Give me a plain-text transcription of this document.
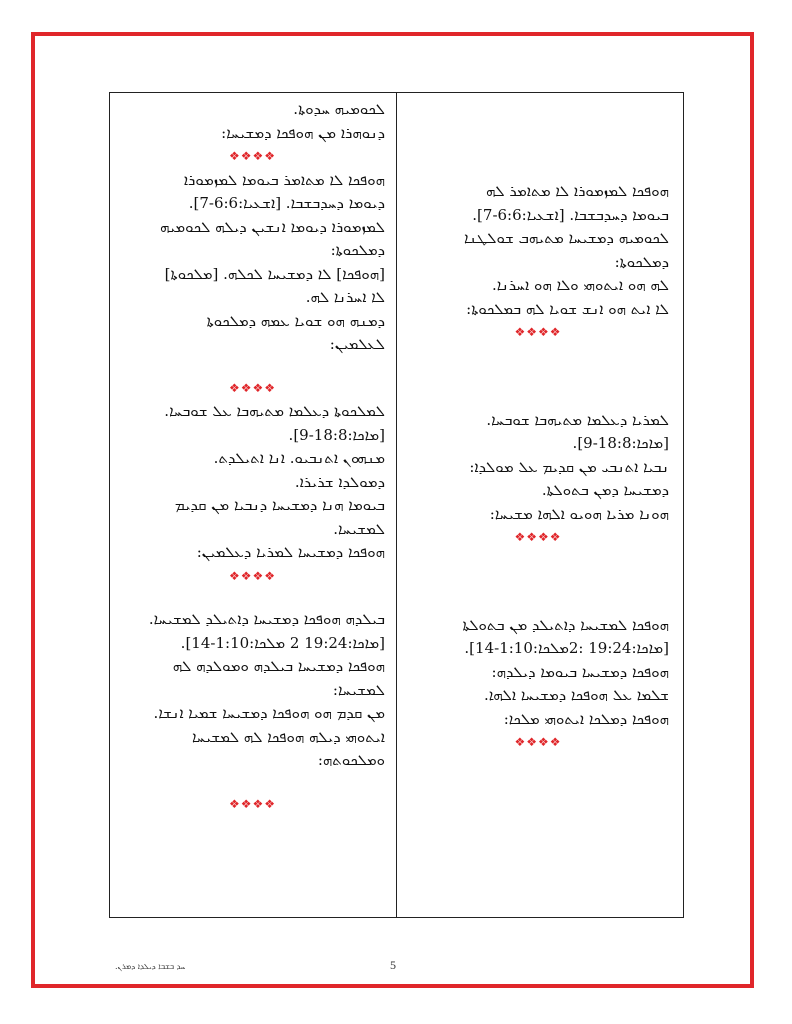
ܗܘܦܟܐ ܠܡܙܡܘܪܐ ܠܐ ܡܬܐܡܪ ܠܗ
ܒܝܘܡܐ ܕܚܕܒܫܒܐ. [ܐܫܥܝܐ:6:6-7].
ܠܟܘܡܝܗ ܕܡܫܝܚܐ ܡܬܝܗܒ ܫܘܠܛܢܐ
ܕܡܠܟܘܬܐ:
ܠܗ ܗܘ ܐܝܬܘܗܝ ܘܠܐ ܗܘ ܐܚܪܢܐ.
ܠܐ ܐܝܬ ܗܘ ܐܢܫ ܫܘܝܐ ܠܗ ܒܡܠܟܘܬܐ:
❖❖❖❖
ܠܡܪܝܐ ܕܥܠܡܐ ܡܬܝܗܒܐ ܫܘܒܚܐ.
[ܡܐܟܐ:18:8-9].
ܢܒܝܐ ܐܬܢܒܝ ܡܢ ܩܕܝܡ ܥܠ ܡܘܠܕܐ:
ܕܡܫܝܚܐ ܕܡܢ ܒܬܘܠܬܐ.
ܗܘܢܐ ܡܪܝܐ ܗܘܝܘ ܐܠܗܐ ܡܫܝܚܐ:
❖❖❖❖
ܗܘܦܟܐ ܠܡܫܝܚܐ ܕܐܬܝܠܕ ܡܢ ܒܬܘܠܬܐ
[ܡܐܟܐ:19:24 :2ܡܠܟܐ:1:10-14].
ܗܘܦܟܐ ܕܡܫܝܚܐ ܒܝܘܡܐ ܕܝܠܕܗ:
ܫܠܡܐ ܥܠ ܗܘܦܟܐ ܕܡܫܝܚܐ ܐܠܗܐ.
ܗܘܦܟܐ ܕܡܠܟܐ ܐܝܬܘܗܝ ܡܠܟܐ:
❖❖❖❖
ܠܟܘܡܝܗ ܚܕܘܬܐ.
ܕܢܘܗܪܐ ܡܢ ܗܘܦܟܐ ܕܡܫܝܚܐ:
❖❖❖❖
ܗܘܦܟܐ ܠܐ ܡܬܐܡܪ ܒܝܘܡܐ ܠܡܙܡܘܪܐ
ܕܝܘܡܐ ܕܚܕܒܫܒܐ. [ܐܫܥܝܐ:6:6-7].
ܠܡܙܡܘܪܐ ܕܝܘܡܐ ܐܢܫܝܢ ܕܝܠܗ ܠܟܘܡܝܗ
ܕܡܠܟܘܬܐ:
[ܗܘܦܟܐ] ܠܐ ܕܡܫܝܚܐ ܠܟܠܗ. [ܡܠܟܘܬܐ]
ܠܐ ܐܚܪܢܐ ܠܗ.
ܕܡܢܗ ܗܘ ܫܘܝܐ ܥܡܗ ܕܡܠܟܘܬܐ
ܠܥܠܡܝܢ:
❖❖❖❖
ܠܡܠܟܘܬܐ ܕܥܠܡܐ ܡܬܝܗܒܐ ܥܠ ܫܘܒܚܐ.
[ܡܐܟܐ:18:8-9].
ܡܢܗܘܢ ܐܬܢܒܝܘ. ܐܢܐ ܐܬܝܠܕܬ.
ܕܡܘܠܕܐ ܫܪܝܪܐ.
ܒܝܘܡܐ ܗܢܐ ܕܡܫܝܚܐ ܕܢܒܝܐ ܡܢ ܩܕܝܡ
ܠܡܫܝܚܐ.
ܗܘܦܟܐ ܕܡܫܝܚܐ ܠܡܪܝܐ ܕܥܠܡܝܢ:
❖❖❖❖
ܒܝܠܕܗ ܗܘܦܟܐ ܕܡܫܝܚܐ ܕܐܬܝܠܕ ܠܡܫܝܚܐ.
[ܡܐܟܐ:19:24 2 ܡܠܟܐ:1:10-14].
ܗܘܦܟܐ ܕܡܫܝܚܐ ܒܝܠܕܗ ܘܡܘܠܕܗ ܠܗ
ܠܡܫܝܚܐ:
ܡܢ ܩܕܡ ܗܘ ܗܘܦܟܐ ܕܡܫܝܚܐ ܫܡܝܐ ܐܢܫܐ.
ܐܝܬܘܗܝ ܕܝܠܗ ܗܘܦܟܐ ܠܗ ܠܡܫܝܚܐ
ܘܡܠܟܘܬܗ:
❖❖❖❖
ܚܕ ܒܫܒܐ ܕܝܠܕܐ ܕܡܪܢ.	5
